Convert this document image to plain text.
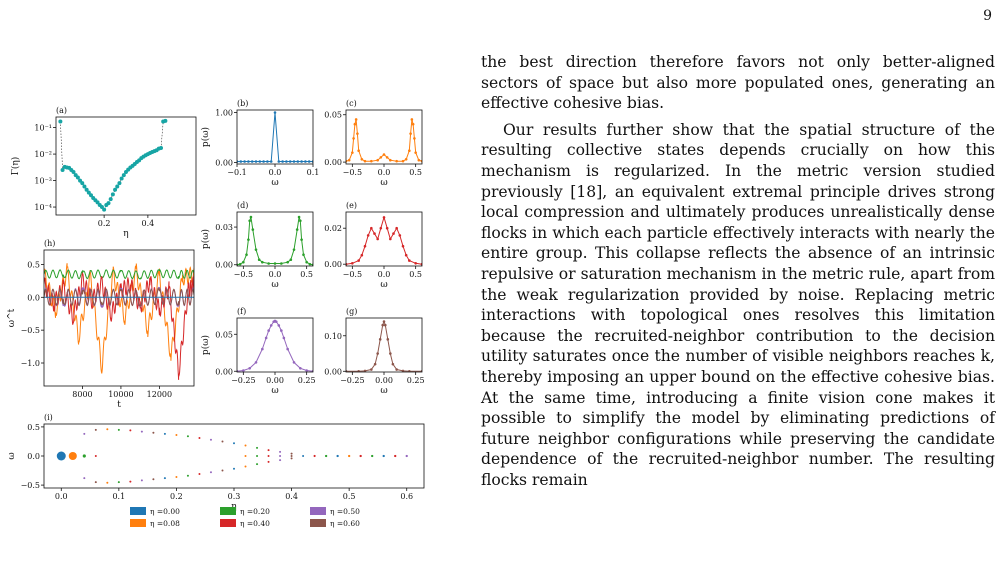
9
(a)
0.2	0.4
10⁻¹
10⁻²
10⁻³
10⁻⁴
η
Γ(η)
(b)
−0.1	0.0	0.1
0.00
1.00
ω
p(ω)
(c)
−0.5 0.0 0.5
0.00
0.05
ω
(d)
−0.5 0.0 0.5
0.00
0.03
ω
p(ω)
(e)
−0.5 0.0 0.5
0.00
0.02
ω
(f)
−0.25 0.00 0.25
0.00
0.05
ω
p(ω)
(g)
−0.25 0.00 0.25
0.00
0.10
ω
(h)
8000 10000 12000
0.5
0.0
−0.5
−1.0
t
ω^t
(i)
0.0	0.1	0.2	0.3	0.4	0.5	0.6
0.5
0.0
−0.5
ω
η =0.00	η =0.20	η =0.50
η =0.08	η =0.40	η =0.60

the best direction therefore favors not only better-aligned sectors of space but also more populated ones, generating an effective cohesive bias.

Our results further show that the spatial structure of the resulting collective states depends crucially on how this mechanism is regularized. In the metric version studied previously [18], an equivalent extremal principle drives strong local compression and ultimately produces unrealistically dense flocks in which each particle effectively interacts with nearly the entire group. This collapse reflects the absence of an intrinsic repulsive or saturation mechanism in the metric rule, apart from the weak regularization provided by noise. Replacing metric interactions with topological ones resolves this limitation because the recruited-neighbor contribution to the decision utility saturates once the number of visible neighbors reaches k, thereby imposing an upper bound on the effective cohesive bias. At the same time, introducing a finite vision cone makes it possible to simplify the model by eliminating predictions of future neighbor configurations while preserving the candidate dependence of the recruited-neighbor number. The resulting flocks remain
